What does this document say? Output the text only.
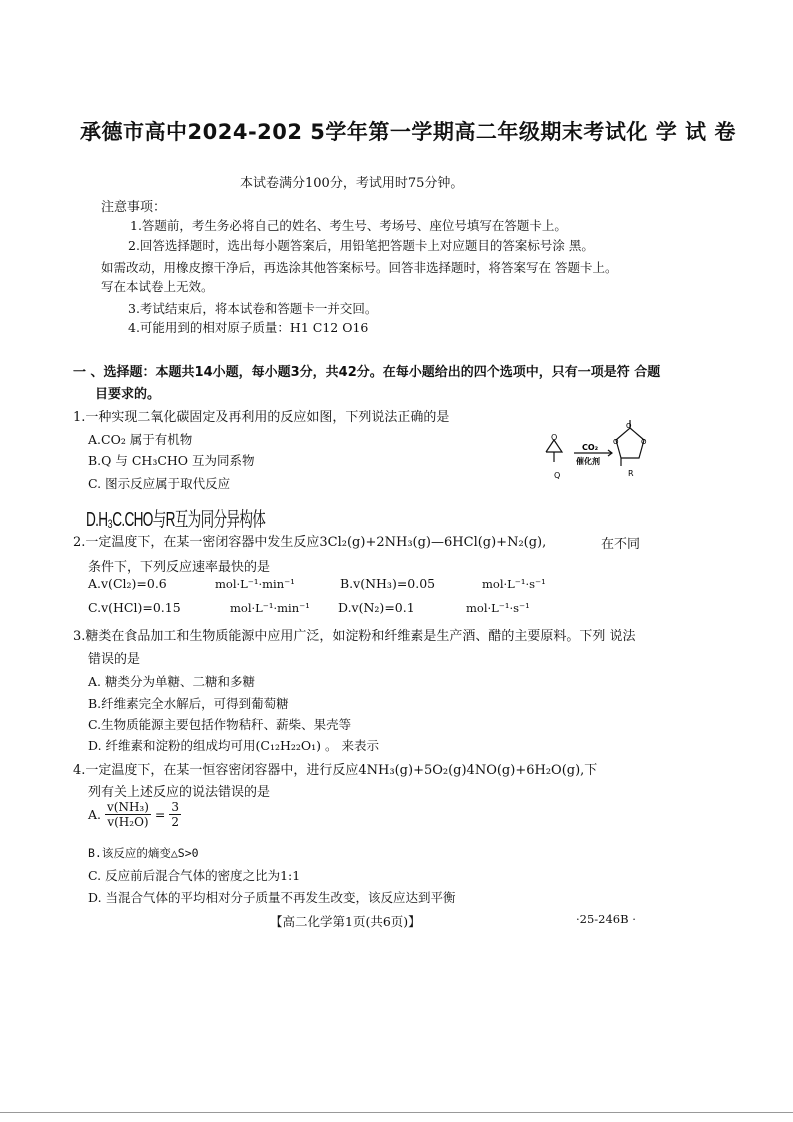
承德市高中2024-202 5学年第一学期高二年级期末考试化 学 试 卷
本试卷满分100分，考试用时75分钟。
注意事项：
1.答题前，考生务必将自己的姓名、考生号、考场号、座位号填写在答题卡上。
2.回答选择题时，选出每小题答案后，用铅笔把答题卡上对应题目的答案标号涂 黑。
如需改动，用橡皮擦干净后，再选涂其他答案标号。回答非选择题时，将答案写在 答题卡上。
写在本试卷上无效。
3.考试结束后，将本试卷和答题卡一并交回。
4.可能用到的相对原子质量：H1 C12 O16
一 、选择题：本题共14小题，每小题3分，共42分。在每小题给出的四个选项中，只有一项是符 合题
目要求的。
1.一种实现二氧化碳固定及再利用的反应如图，下列说法正确的是
A.CO₂ 属于有机物
B.Q 与 CH₃CHO 互为同系物
C. 图示反应属于取代反应
D.H₃C.CHO与R互为同分异构体
O
Q
CO₂
催化剂
O
O	O
R
2.一定温度下，在某一密闭容器中发生反应3Cl₂(g)+2NH₃(g)—6HCl(g)+N₂(g),	在不同
条件下，下列反应速率最快的是
A.v(Cl₂)=0.6	mol·L⁻¹·min⁻¹	B.v(NH₃)=0.05	mol·L⁻¹·s⁻¹
C.v(HCl)=0.15	mol·L⁻¹·min⁻¹ D.v(N₂)=0.1	mol·L⁻¹·s⁻¹
3.糖类在食品加工和生物质能源中应用广泛，如淀粉和纤维素是生产酒、醋的主要原料。下列 说法
错误的是
A. 糖类分为单糖、二糖和多糖
B.纤维素完全水解后，可得到葡萄糖
C.生物质能源主要包括作物秸秆、薪柴、果壳等
D. 纤维素和淀粉的组成均可用(C₁₂H₂₂O₁) 。 来表示
4.一定温度下，在某一恒容密闭容器中，进行反应4NH₃(g)+5O₂(g)4NO(g)+6H₂O(g),下
列有关上述反应的说法错误的是
A. $\frac{\text{v(NH₃)}}{\text{v(H₂O)}} = \frac{3}{2}$
B.该反应的熵变△S>0
C. 反应前后混合气体的密度之比为1:1
D. 当混合气体的平均相对分子质量不再发生改变，该反应达到平衡
【高二化学第1页(共6页)】	·25-246B ·
